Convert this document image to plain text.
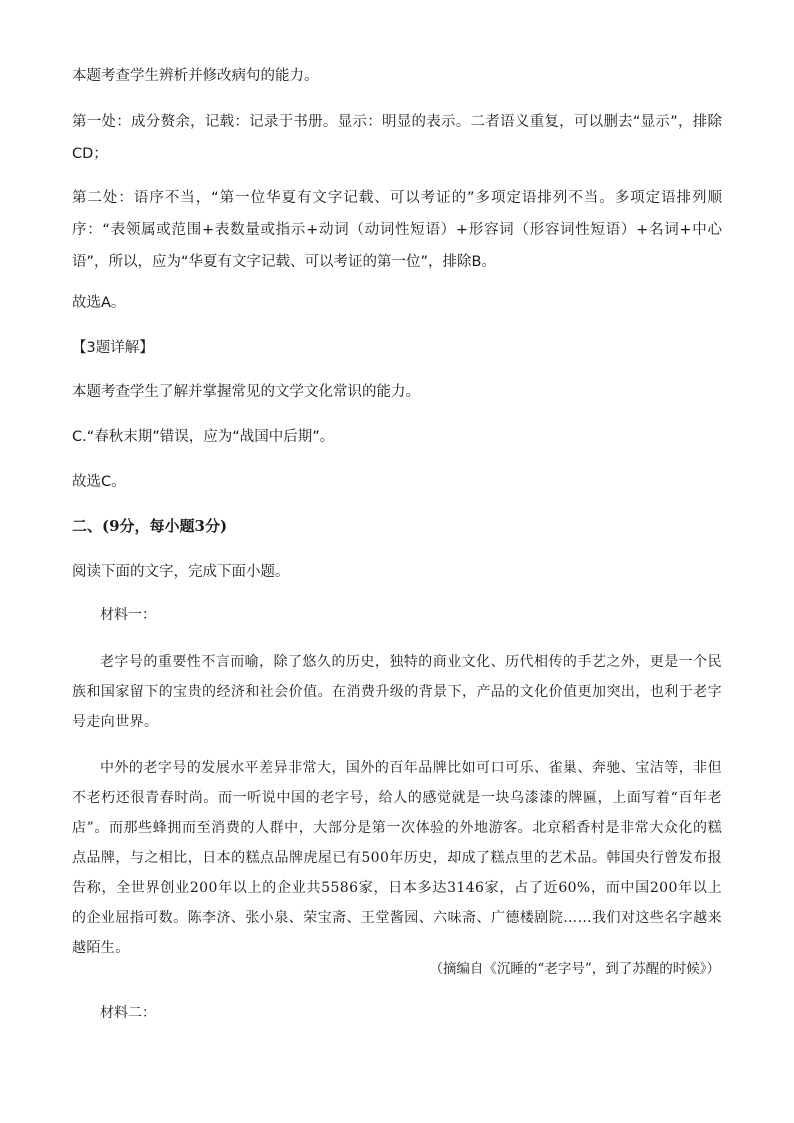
本题考查学生辨析并修改病句的能力。
第一处：成分赘余，记载：记录于书册。显示：明显的表示。二者语义重复，可以删去“显示”，排除CD；
第二处：语序不当，“第一位华夏有文字记载、可以考证的”多项定语排列不当。多项定语排列顺序：“表领属或范围+表数量或指示+动词（动词性短语）+形容词（形容词性短语）+名词+中心语”，所以，应为“华夏有文字记载、可以考证的第一位”，排除B。
故选A。
【3题详解】
本题考查学生了解并掌握常见的文学文化常识的能力。
C.“春秋末期”错误，应为“战国中后期”。
故选C。
二、(9分，每小题3分)
阅读下面的文字，完成下面小题。
材料一：
老字号的重要性不言而喻，除了悠久的历史，独特的商业文化、历代相传的手艺之外，更是一个民族和国家留下的宝贵的经济和社会价值。在消费升级的背景下，产品的文化价值更加突出，也利于老字号走向世界。
中外的老字号的发展水平差异非常大，国外的百年品牌比如可口可乐、雀巢、奔驰、宝洁等，非但不老朽还很青春时尚。而一听说中国的老字号，给人的感觉就是一块乌漆漆的牌匾，上面写着“百年老店”。而那些蜂拥而至消费的人群中，大部分是第一次体验的外地游客。北京稻香村是非常大众化的糕点品牌，与之相比，日本的糕点品牌虎屋已有500年历史，却成了糕点里的艺术品。韩国央行曾发布报告称，全世界创业200年以上的企业共5586家，日本多达3146家，占了近60%，而中国200年以上的企业屈指可数。陈李济、张小泉、荣宝斋、王堂酱园、六味斋、广德楼剧院……我们对这些名字越来越陌生。
（摘编自《沉睡的“老字号”，到了苏醒的时候》）
材料二：
